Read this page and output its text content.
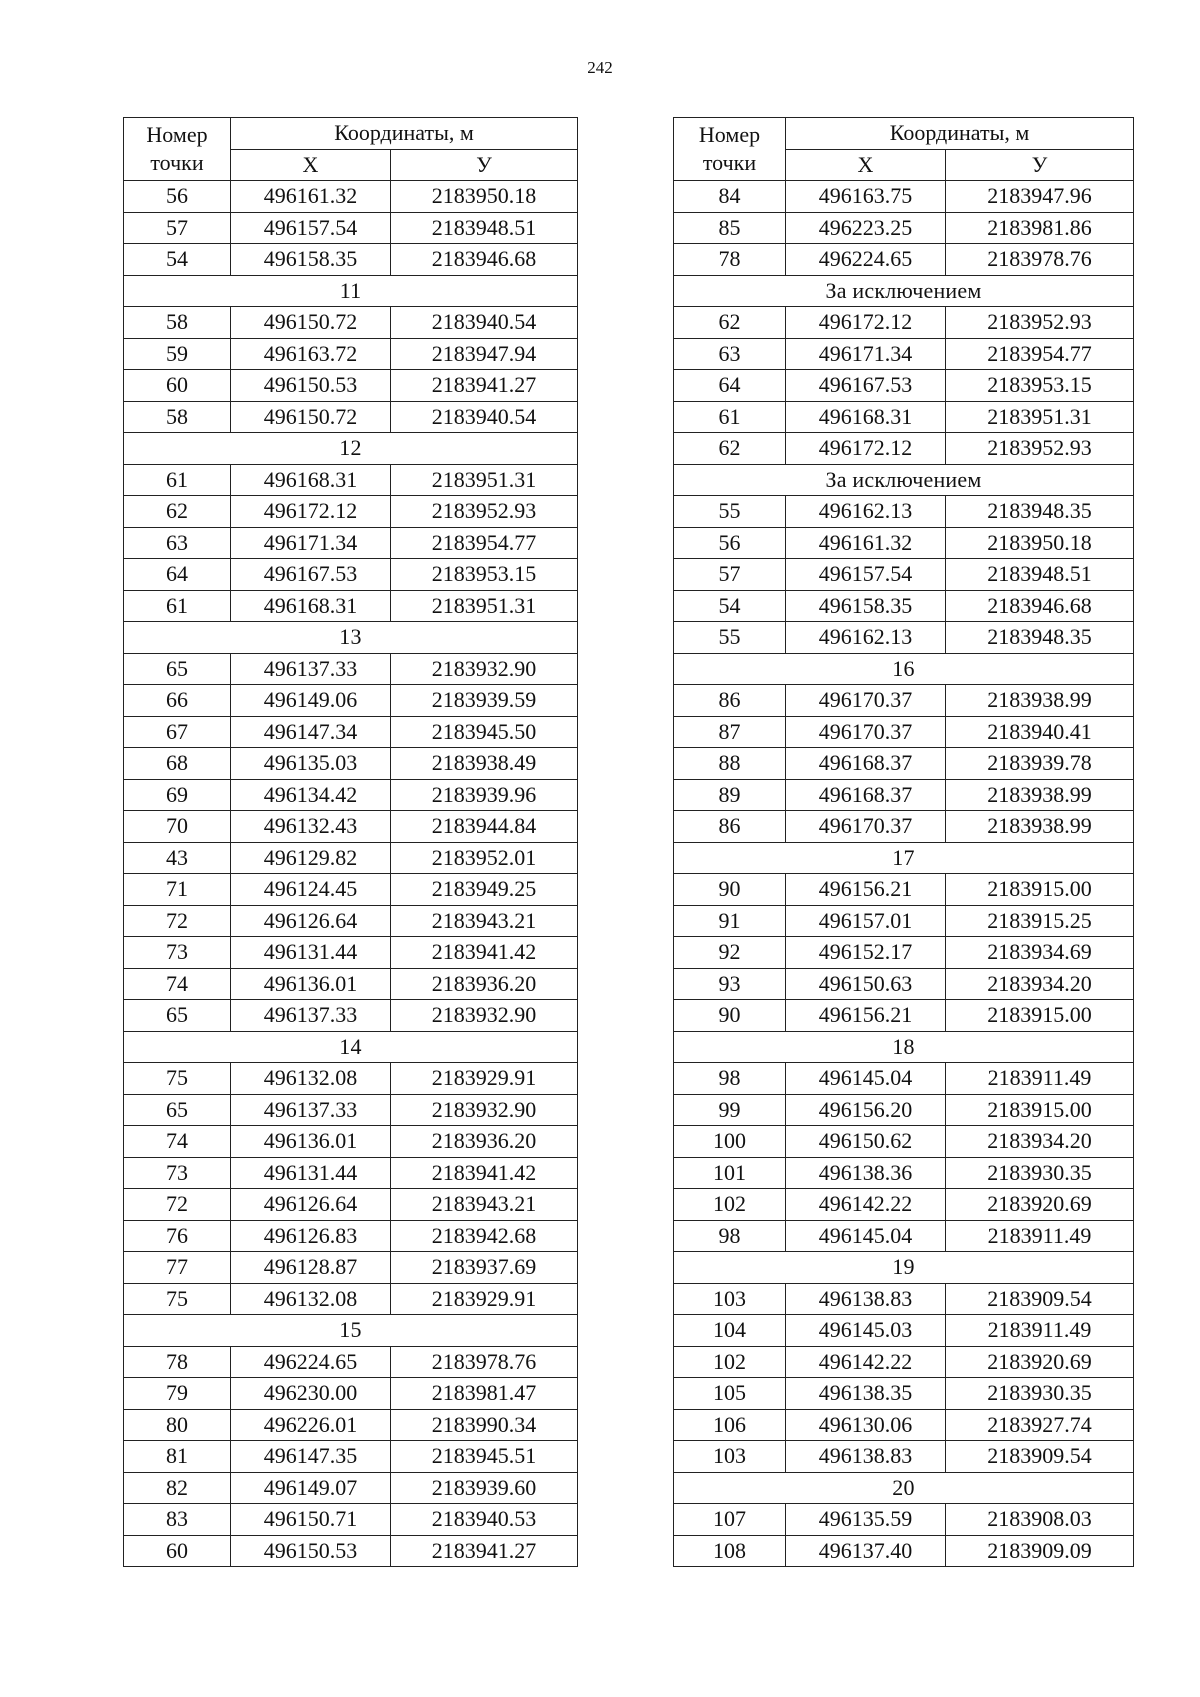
242
Номер
точки	Координаты, м	
	Х	У
56	496161.32	2183950.18
57	496157.54	2183948.51
54	496158.35	2183946.68
11		
58	496150.72	2183940.54
59	496163.72	2183947.94
60	496150.53	2183941.27
58	496150.72	2183940.54
12		
61	496168.31	2183951.31
62	496172.12	2183952.93
63	496171.34	2183954.77
64	496167.53	2183953.15
61	496168.31	2183951.31
13		
65	496137.33	2183932.90
66	496149.06	2183939.59
67	496147.34	2183945.50
68	496135.03	2183938.49
69	496134.42	2183939.96
70	496132.43	2183944.84
43	496129.82	2183952.01
71	496124.45	2183949.25
72	496126.64	2183943.21
73	496131.44	2183941.42
74	496136.01	2183936.20
65	496137.33	2183932.90
14		
75	496132.08	2183929.91
65	496137.33	2183932.90
74	496136.01	2183936.20
73	496131.44	2183941.42
72	496126.64	2183943.21
76	496126.83	2183942.68
77	496128.87	2183937.69
75	496132.08	2183929.91
15		
78	496224.65	2183978.76
79	496230.00	2183981.47
80	496226.01	2183990.34
81	496147.35	2183945.51
82	496149.07	2183939.60
83	496150.71	2183940.53
60	496150.53	2183941.27
Номер
точки	Координаты, м	
	Х	У
84	496163.75	2183947.96
85	496223.25	2183981.86
78	496224.65	2183978.76
За исключением		
62	496172.12	2183952.93
63	496171.34	2183954.77
64	496167.53	2183953.15
61	496168.31	2183951.31
62	496172.12	2183952.93
За исключением		
55	496162.13	2183948.35
56	496161.32	2183950.18
57	496157.54	2183948.51
54	496158.35	2183946.68
55	496162.13	2183948.35
16		
86	496170.37	2183938.99
87	496170.37	2183940.41
88	496168.37	2183939.78
89	496168.37	2183938.99
86	496170.37	2183938.99
17		
90	496156.21	2183915.00
91	496157.01	2183915.25
92	496152.17	2183934.69
93	496150.63	2183934.20
90	496156.21	2183915.00
18		
98	496145.04	2183911.49
99	496156.20	2183915.00
100	496150.62	2183934.20
101	496138.36	2183930.35
102	496142.22	2183920.69
98	496145.04	2183911.49
19		
103	496138.83	2183909.54
104	496145.03	2183911.49
102	496142.22	2183920.69
105	496138.35	2183930.35
106	496130.06	2183927.74
103	496138.83	2183909.54
20		
107	496135.59	2183908.03
108	496137.40	2183909.09
